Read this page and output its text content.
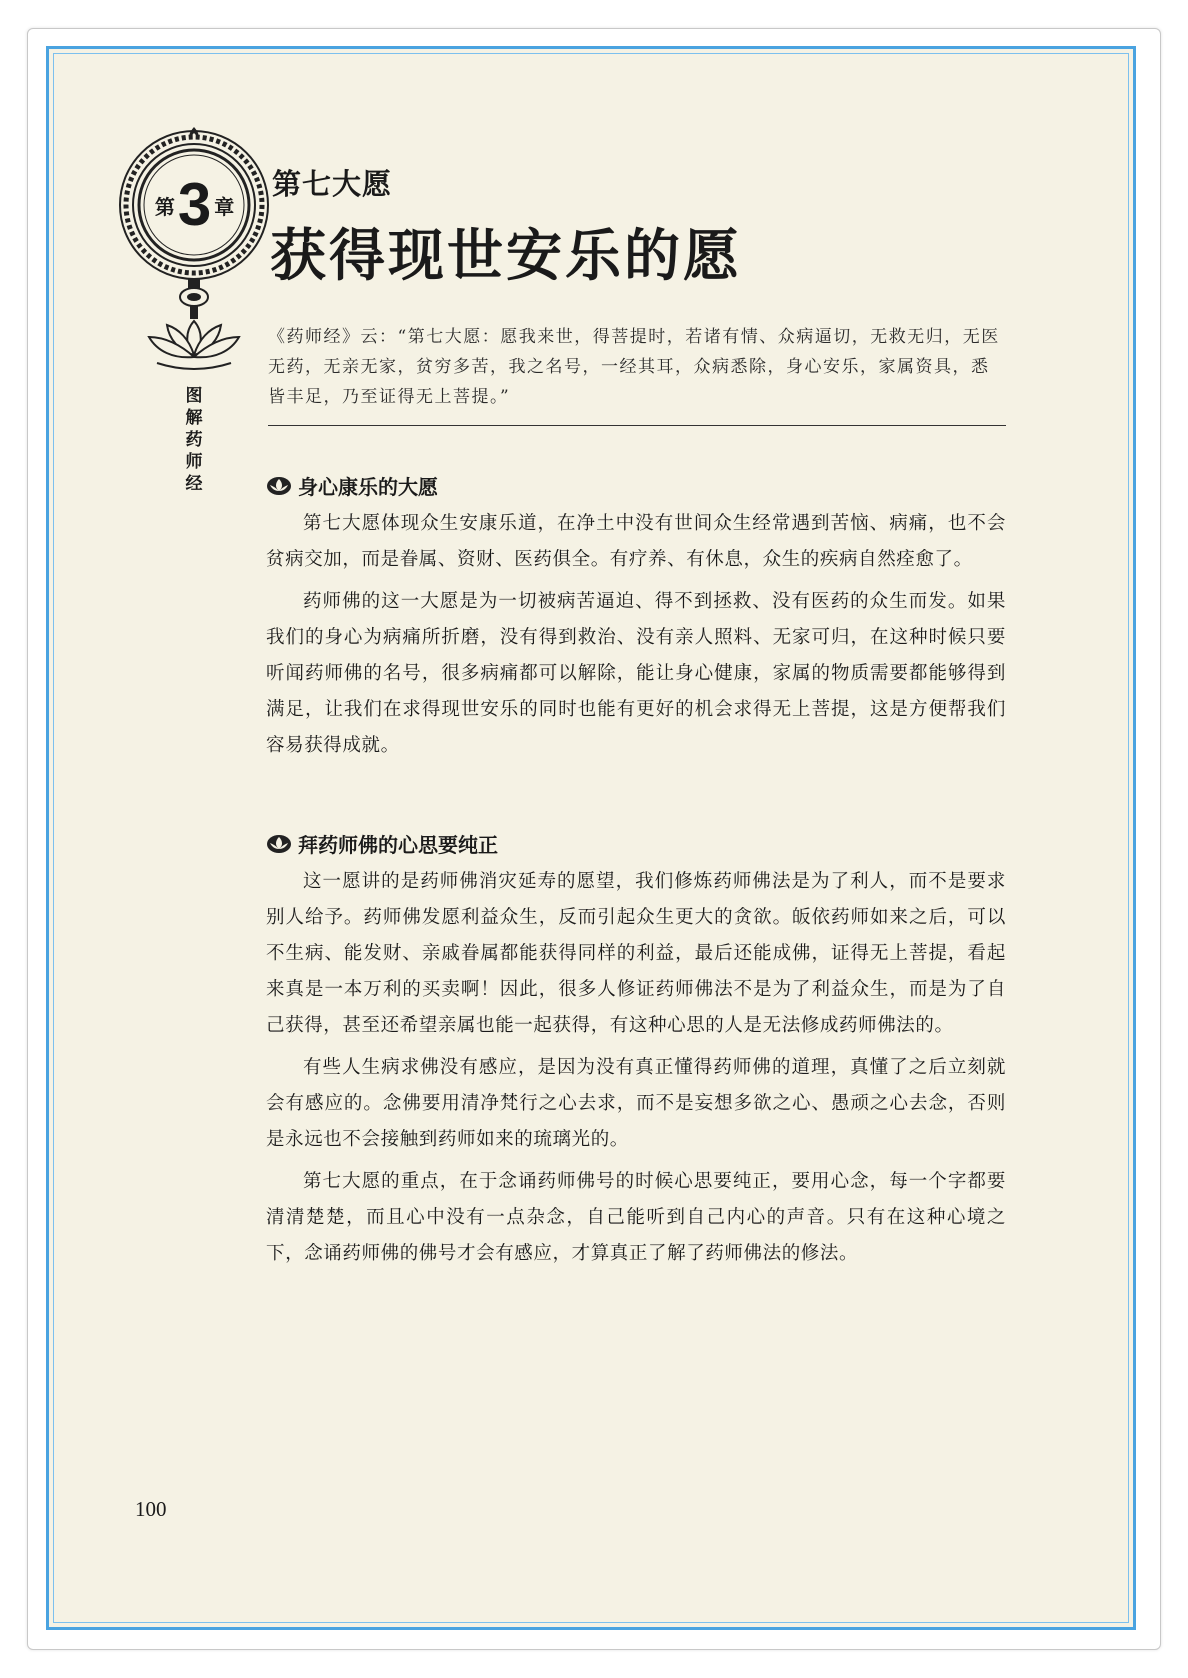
第 3 章
图解药师经
第七大愿
获得现世安乐的愿
《药师经》云：“第七大愿：愿我来世，得菩提时，若诸有情、众病逼切，无救无归，无医无药，无亲无家，贫穷多苦，我之名号，一经其耳，众病悉除，身心安乐，家属资具，悉皆丰足，乃至证得无上菩提。”
身心康乐的大愿

第七大愿体现众生安康乐道，在净土中没有世间众生经常遇到苦恼、病痛，也不会贫病交加，而是眷属、资财、医药俱全。有疗养、有休息，众生的疾病自然痊愈了。

药师佛的这一大愿是为一切被病苦逼迫、得不到拯救、没有医药的众生而发。如果我们的身心为病痛所折磨，没有得到救治、没有亲人照料、无家可归，在这种时候只要听闻药师佛的名号，很多病痛都可以解除，能让身心健康，家属的物质需要都能够得到满足，让我们在求得现世安乐的同时也能有更好的机会求得无上菩提，这是方便帮我们容易获得成就。

拜药师佛的心思要纯正

这一愿讲的是药师佛消灾延寿的愿望，我们修炼药师佛法是为了利人，而不是要求别人给予。药师佛发愿利益众生，反而引起众生更大的贪欲。皈依药师如来之后，可以不生病、能发财、亲戚眷属都能获得同样的利益，最后还能成佛，证得无上菩提，看起来真是一本万利的买卖啊！因此，很多人修证药师佛法不是为了利益众生，而是为了自己获得，甚至还希望亲属也能一起获得，有这种心思的人是无法修成药师佛法的。

有些人生病求佛没有感应，是因为没有真正懂得药师佛的道理，真懂了之后立刻就会有感应的。念佛要用清净梵行之心去求，而不是妄想多欲之心、愚顽之心去念，否则是永远也不会接触到药师如来的琉璃光的。

第七大愿的重点，在于念诵药师佛号的时候心思要纯正，要用心念，每一个字都要清清楚楚，而且心中没有一点杂念，自己能听到自己内心的声音。只有在这种心境之下，念诵药师佛的佛号才会有感应，才算真正了解了药师佛法的修法。

100
